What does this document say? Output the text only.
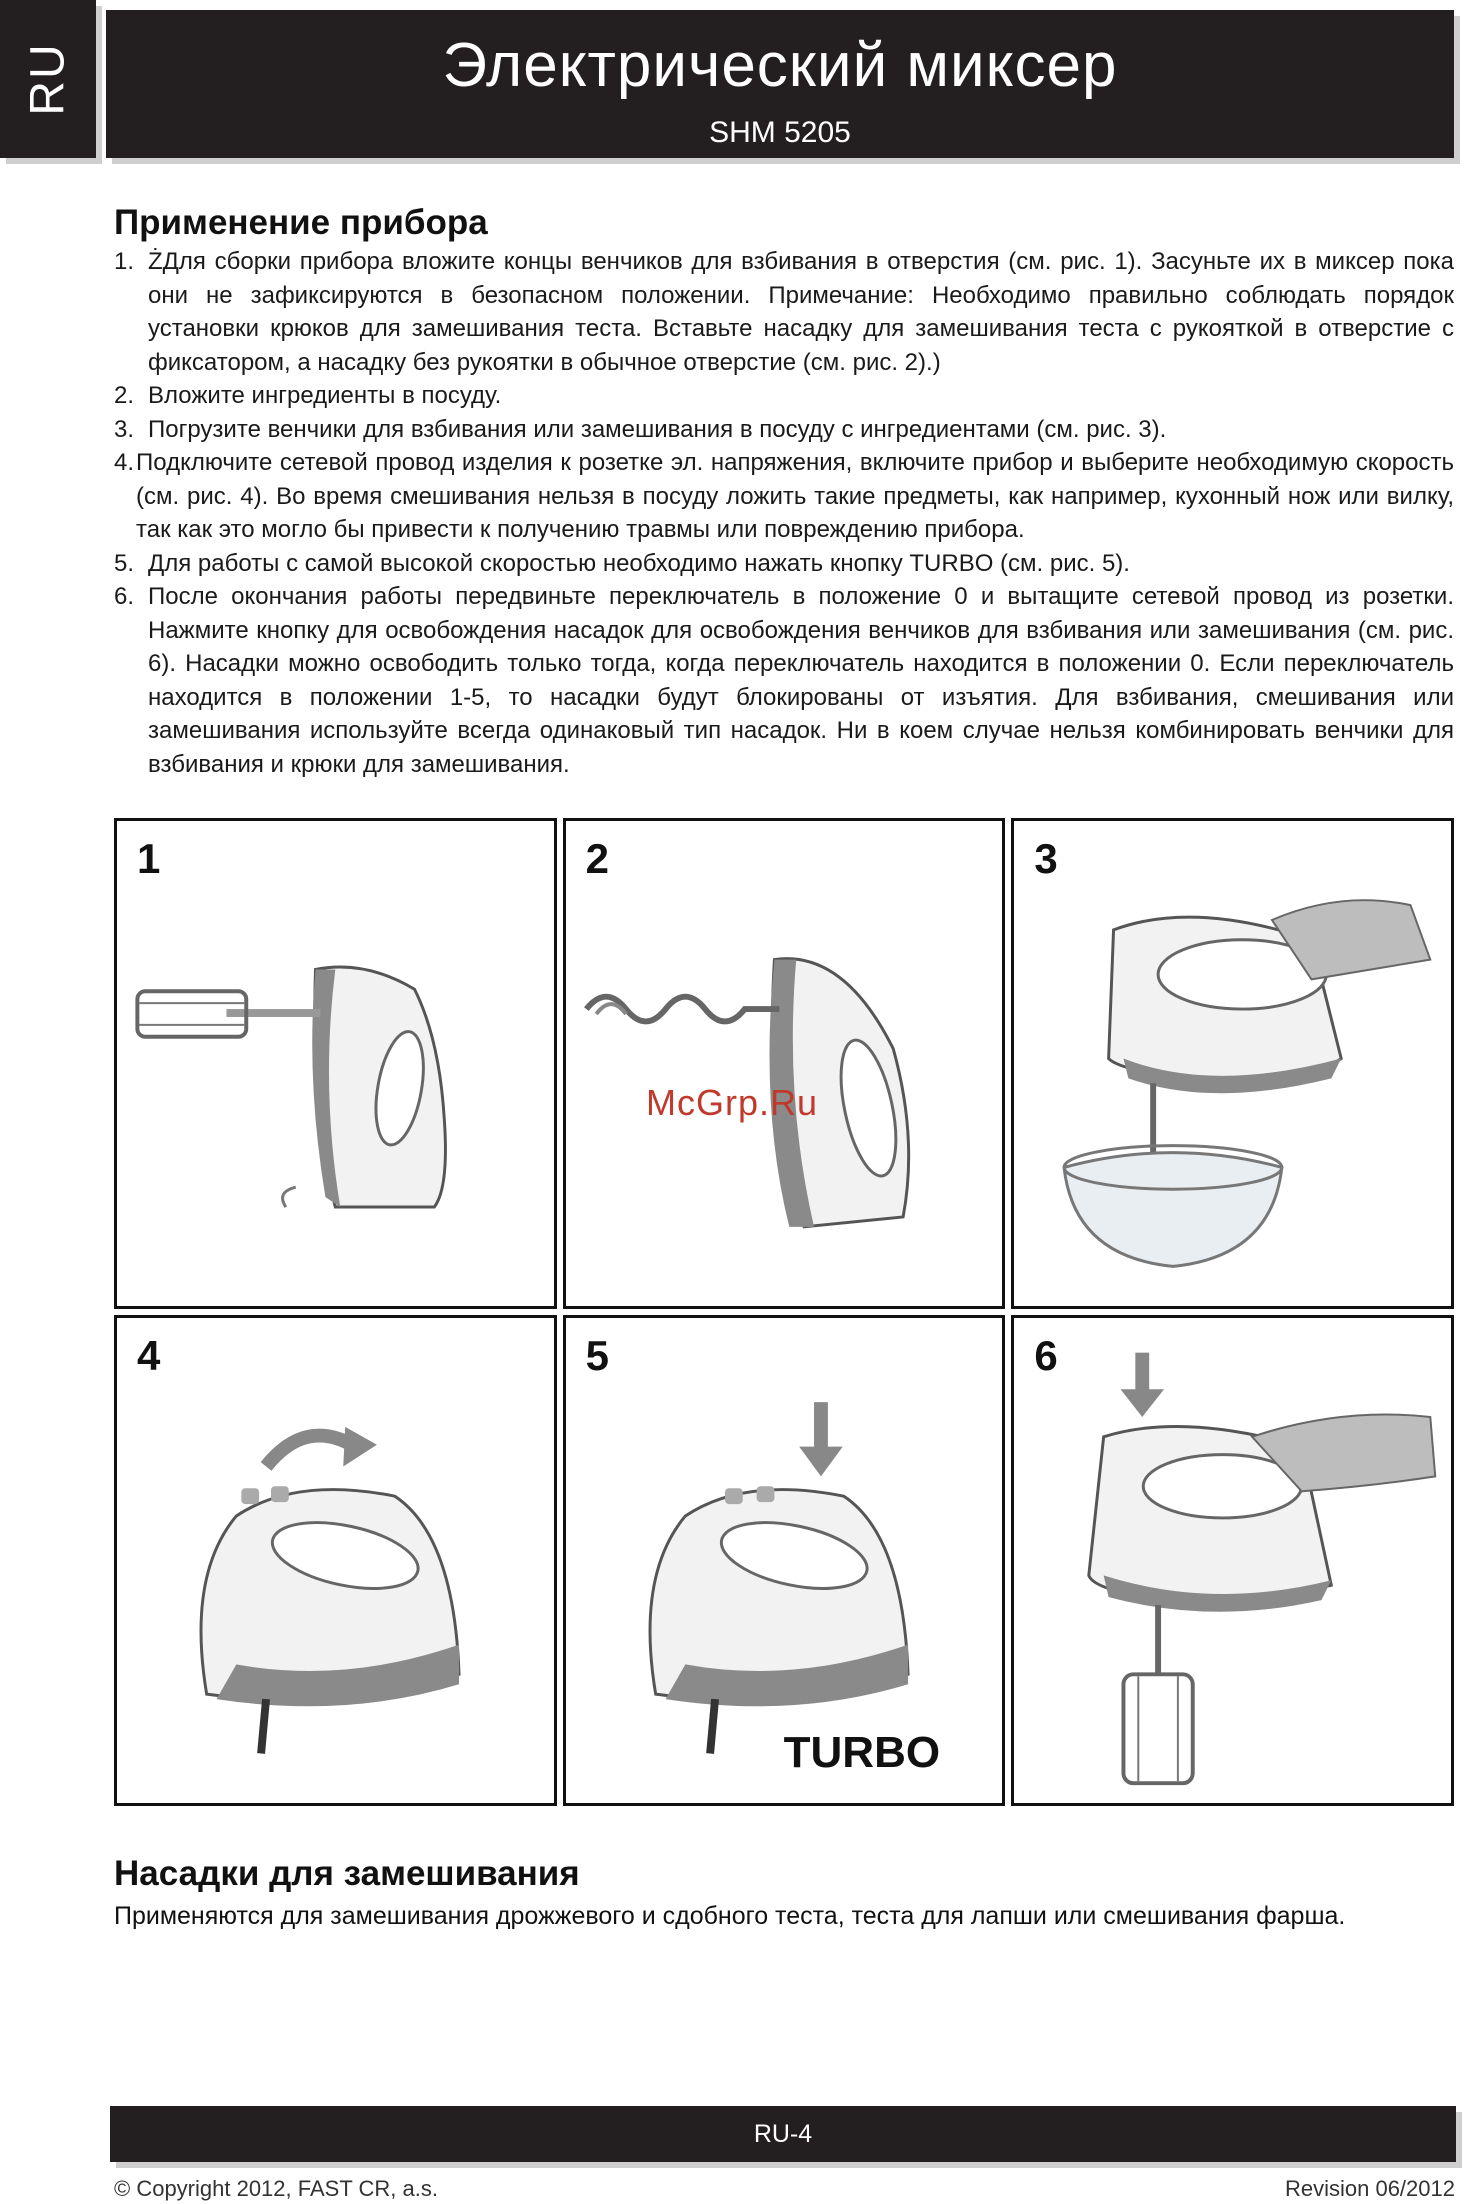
RU	Электрический миксер
SHM 5205
Применение прибора
1. ŻДля сборки прибора вложите концы венчиков для взбивания в отверстия (см. рис. 1). Засуньте их в миксер пока они не зафиксируются в безопасном положении. Примечание: Необходимо правильно соблюдать порядок установки крюков для замешивания теста. Вставьте насадку для замешивания теста с рукояткой в отверстие с фиксатором, а насадку без рукоятки в обычное отверстие (см. рис. 2).)
2. Вложите ингредиенты в посуду.
3. Погрузите венчики для взбивания или замешивания в посуду с ингредиентами (см. рис. 3).
4. Подключите сетевой провод изделия к розетке эл. напряжения, включите прибор и выберите необходимую скорость (см. рис. 4). Во время смешивания нельзя в посуду ложить такие предметы, как например, кухонный нож или вилку, так как это могло бы привести к получению травмы или повреждению прибора.
5. Для работы с самой высокой скоростью необходимо нажать кнопку TURBO (см. рис. 5).
6. После окончания работы передвиньте переключатель в положение 0 и вытащите сетевой провод из розетки. Нажмите кнопку для освобождения насадок для освобождения венчиков для взбивания или замешивания (см. рис. 6). Насадки можно освободить только тогда, когда переключатель находится в положении 0. Если переключатель находится в положении 1-5, то насадки будут блокированы от изъятия. Для взбивания, смешивания или замешивания используйте всегда одинаковый тип насадок. Ни в коем случае нельзя комбинировать венчики для взбивания и крюки для замешивания.
1	2	3
4	5
TURBO
6
McGrp.Ru
Насадки для замешивания
Применяются для замешивания дрожжевого и сдобного теста, теста для лапши или смешивания фарша.
RU-4
© Copyright 2012, FAST CR, a.s.	Revision 06/2012
